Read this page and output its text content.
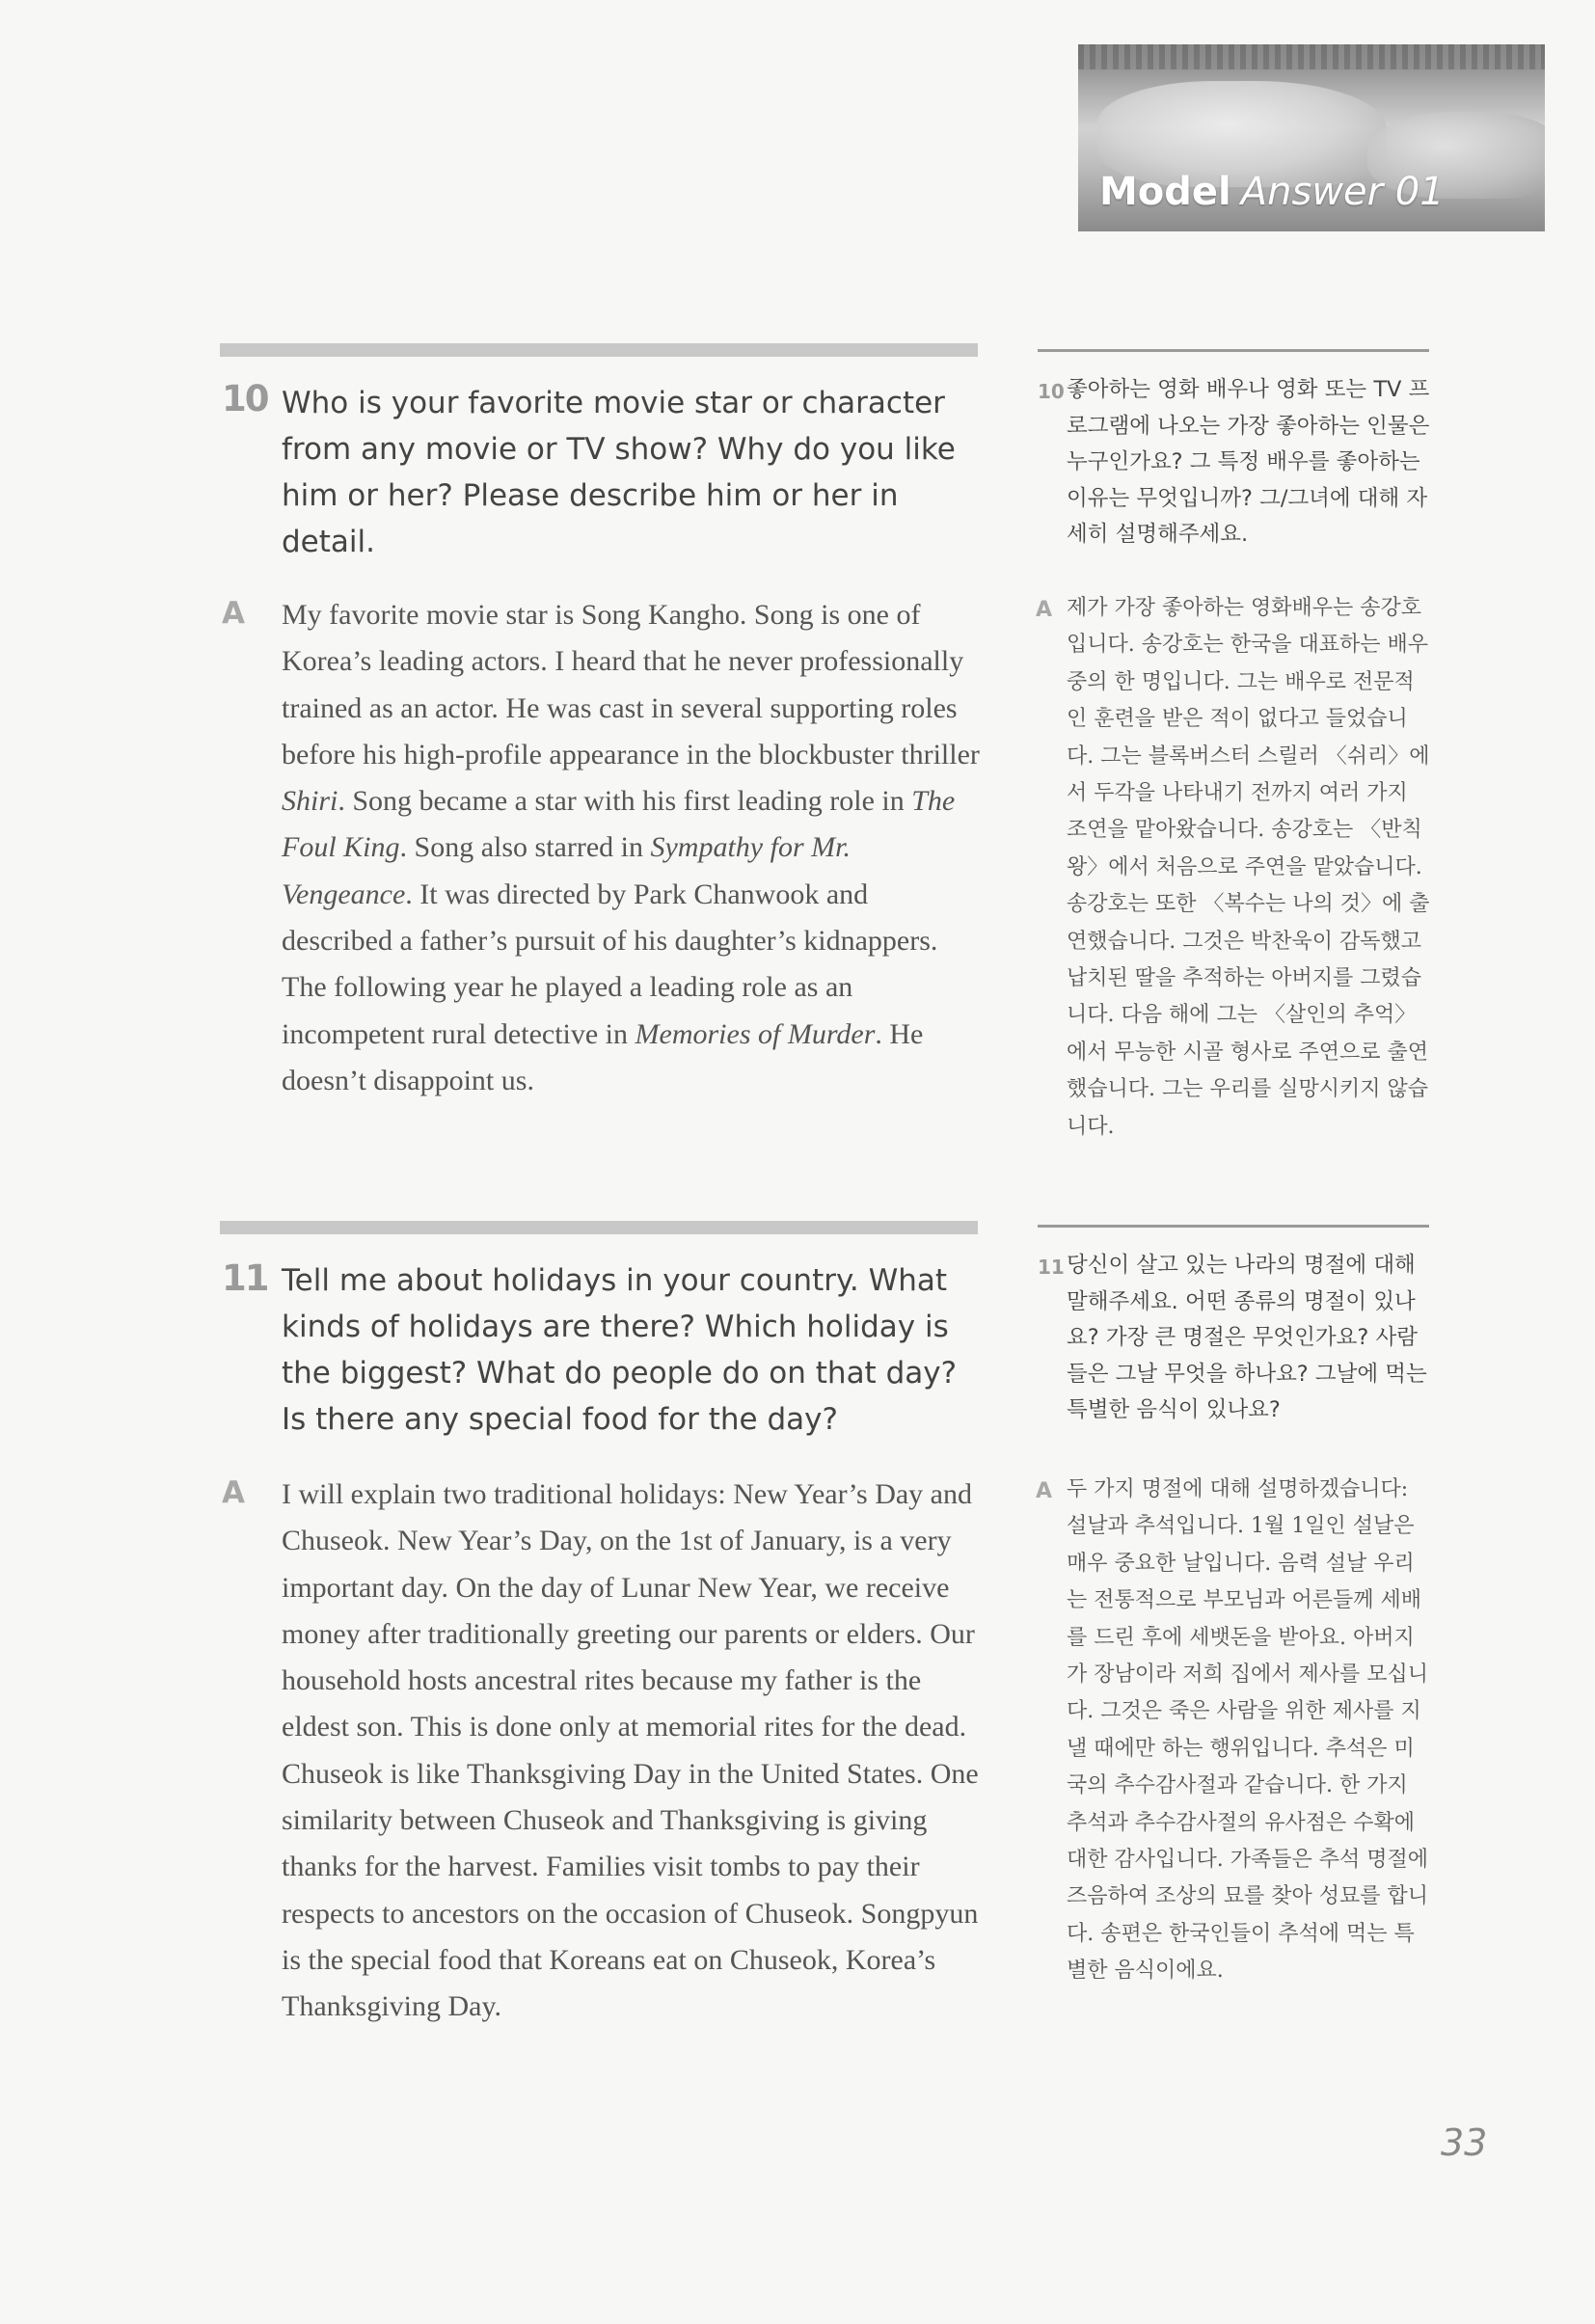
Model Answer 01
10 Who is your favorite movie star or character from any movie or TV show? Why do you like him or her? Please describe him or her in detail.

A My favorite movie star is Song Kangho. Song is one of Korea’s leading actors. I heard that he never professionally trained as an actor. He was cast in several supporting roles before his high-profile appearance in the blockbuster thriller Shiri. Song became a star with his first leading role in The Foul King. Song also starred in Sympathy for Mr. Vengeance. It was directed by Park Chanwook and described a father’s pursuit of his daughter’s kidnappers. The following year he played a leading role as an incompetent rural detective in Memories of Murder. He doesn’t disappoint us.

10 좋아하는 영화 배우나 영화 또는 TV 프로그램에 나오는 가장 좋아하는 인물은 누구인가요? 그 특정 배우를 좋아하는 이유는 무엇입니까? 그/그녀에 대해 자세히 설명해주세요.

A 제가 가장 좋아하는 영화배우는 송강호입니다. 송강호는 한국을 대표하는 배우 중의 한 명입니다. 그는 배우로 전문적인 훈련을 받은 적이 없다고 들었습니다. 그는 블록버스터 스릴러 〈쉬리〉에서 두각을 나타내기 전까지 여러 가지 조연을 맡아왔습니다. 송강호는 〈반칙왕〉에서 처음으로 주연을 맡았습니다. 송강호는 또한 〈복수는 나의 것〉에 출연했습니다. 그것은 박찬욱이 감독했고 납치된 딸을 추적하는 아버지를 그렸습니다. 다음 해에 그는 〈살인의 추억〉에서 무능한 시골 형사로 주연으로 출연했습니다. 그는 우리를 실망시키지 않습니다.

11 Tell me about holidays in your country. What kinds of holidays are there? Which holiday is the biggest? What do people do on that day? Is there any special food for the day?

A I will explain two traditional holidays: New Year’s Day and Chuseok. New Year’s Day, on the 1st of January, is a very important day. On the day of Lunar New Year, we receive money after traditionally greeting our parents or elders. Our household hosts ancestral rites because my father is the eldest son. This is done only at memorial rites for the dead. Chuseok is like Thanksgiving Day in the United States. One similarity between Chuseok and Thanksgiving is giving thanks for the harvest. Families visit tombs to pay their respects to ancestors on the occasion of Chuseok. Songpyun is the special food that Koreans eat on Chuseok, Korea’s Thanksgiving Day.

11 당신이 살고 있는 나라의 명절에 대해 말해주세요. 어떤 종류의 명절이 있나요? 가장 큰 명절은 무엇인가요? 사람들은 그날 무엇을 하나요? 그날에 먹는 특별한 음식이 있나요?

A 두 가지 명절에 대해 설명하겠습니다: 설날과 추석입니다. 1월 1일인 설날은 매우 중요한 날입니다. 음력 설날 우리는 전통적으로 부모님과 어른들께 세배를 드린 후에 세뱃돈을 받아요. 아버지가 장남이라 저희 집에서 제사를 모십니다. 그것은 죽은 사람을 위한 제사를 지낼 때에만 하는 행위입니다. 추석은 미국의 추수감사절과 같습니다. 한 가지 추석과 추수감사절의 유사점은 수확에 대한 감사입니다. 가족들은 추석 명절에 즈음하여 조상의 묘를 찾아 성묘를 합니다. 송편은 한국인들이 추석에 먹는 특별한 음식이에요.

33
